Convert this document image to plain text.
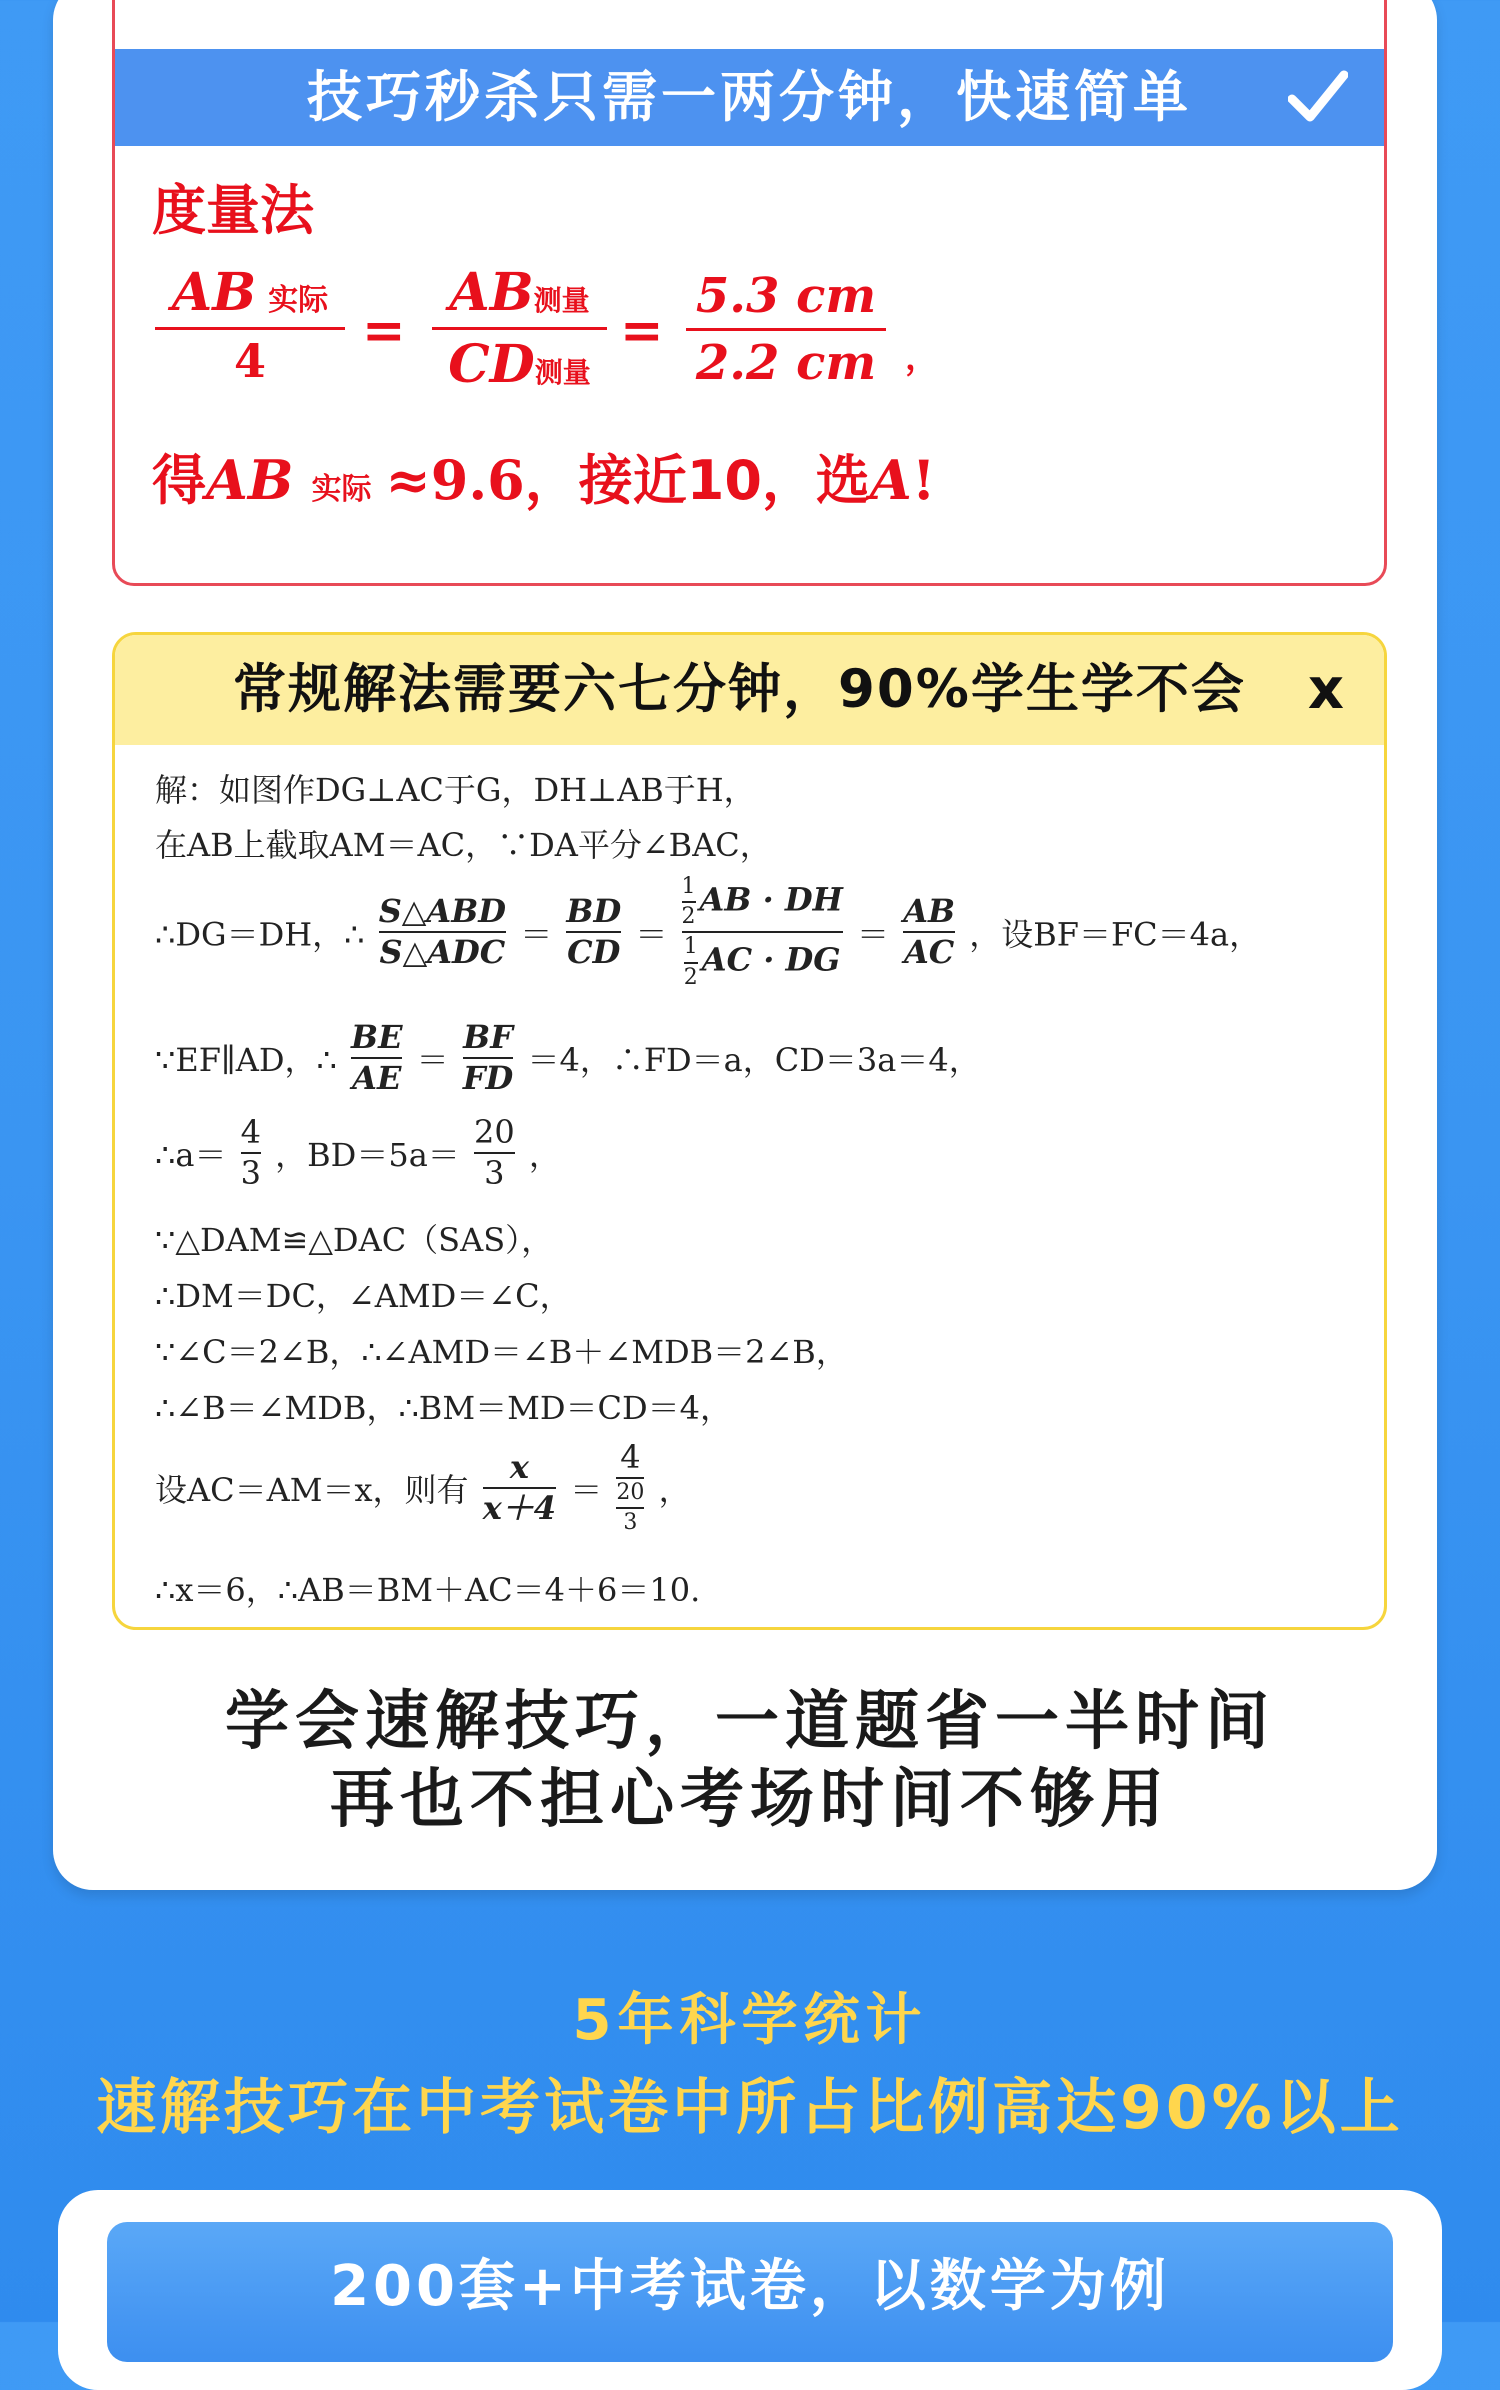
技巧秒杀只需一两分钟，快速简单
度量法
AB 实际
4	=
AB测量
CD测量
=
5.3 cm
2.2 cm ，
得AB 实际 ≈9.6，接近10，选A!
常规解法需要六七分钟，90%学生学不会 x
解：如图作DG⊥AC于G，DH⊥AB于H，
在AB上截取AM＝AC，∵DA平分∠BAC，
∴DG＝DH，∴
S△ABD
S△ADC ＝ $\frac{BD}{CD} = \frac{\frac{1}{2} AB \cdot DH}{\frac{1}{2} AC \cdot DG} = \frac{AB}{AC}$ ，设BF＝FC＝4a，
∵EF∥AD，∴ $\frac{BE}{AE} = \frac{BF}{FD} =4$，∴FD＝a，CD＝3a＝4，
∴a＝ $\frac{4}{3}$ ，$BD=5a= \frac{20}{3}$ ，
∵△DAM≌△DAC（SAS），
∴DM＝DC，∠AMD＝∠C，
∵∠C＝2∠B，∴∠AMD＝∠B＋∠MDB＝2∠B，
∴∠B＝∠MDB，∴BM＝MD＝CD＝4，
设AC＝AM＝x，则有 $\frac{x}{x+4} = \frac{4}{\frac{20}{3}}$ ，
∴x＝6，∴AB＝BM＋AC＝4＋6＝10.
学会速解技巧，一道题省一半时间
再也不担心考场时间不够用
5年科学统计
速解技巧在中考试卷中所占比例高达90%以上
200套+中考试卷，以数学为例
